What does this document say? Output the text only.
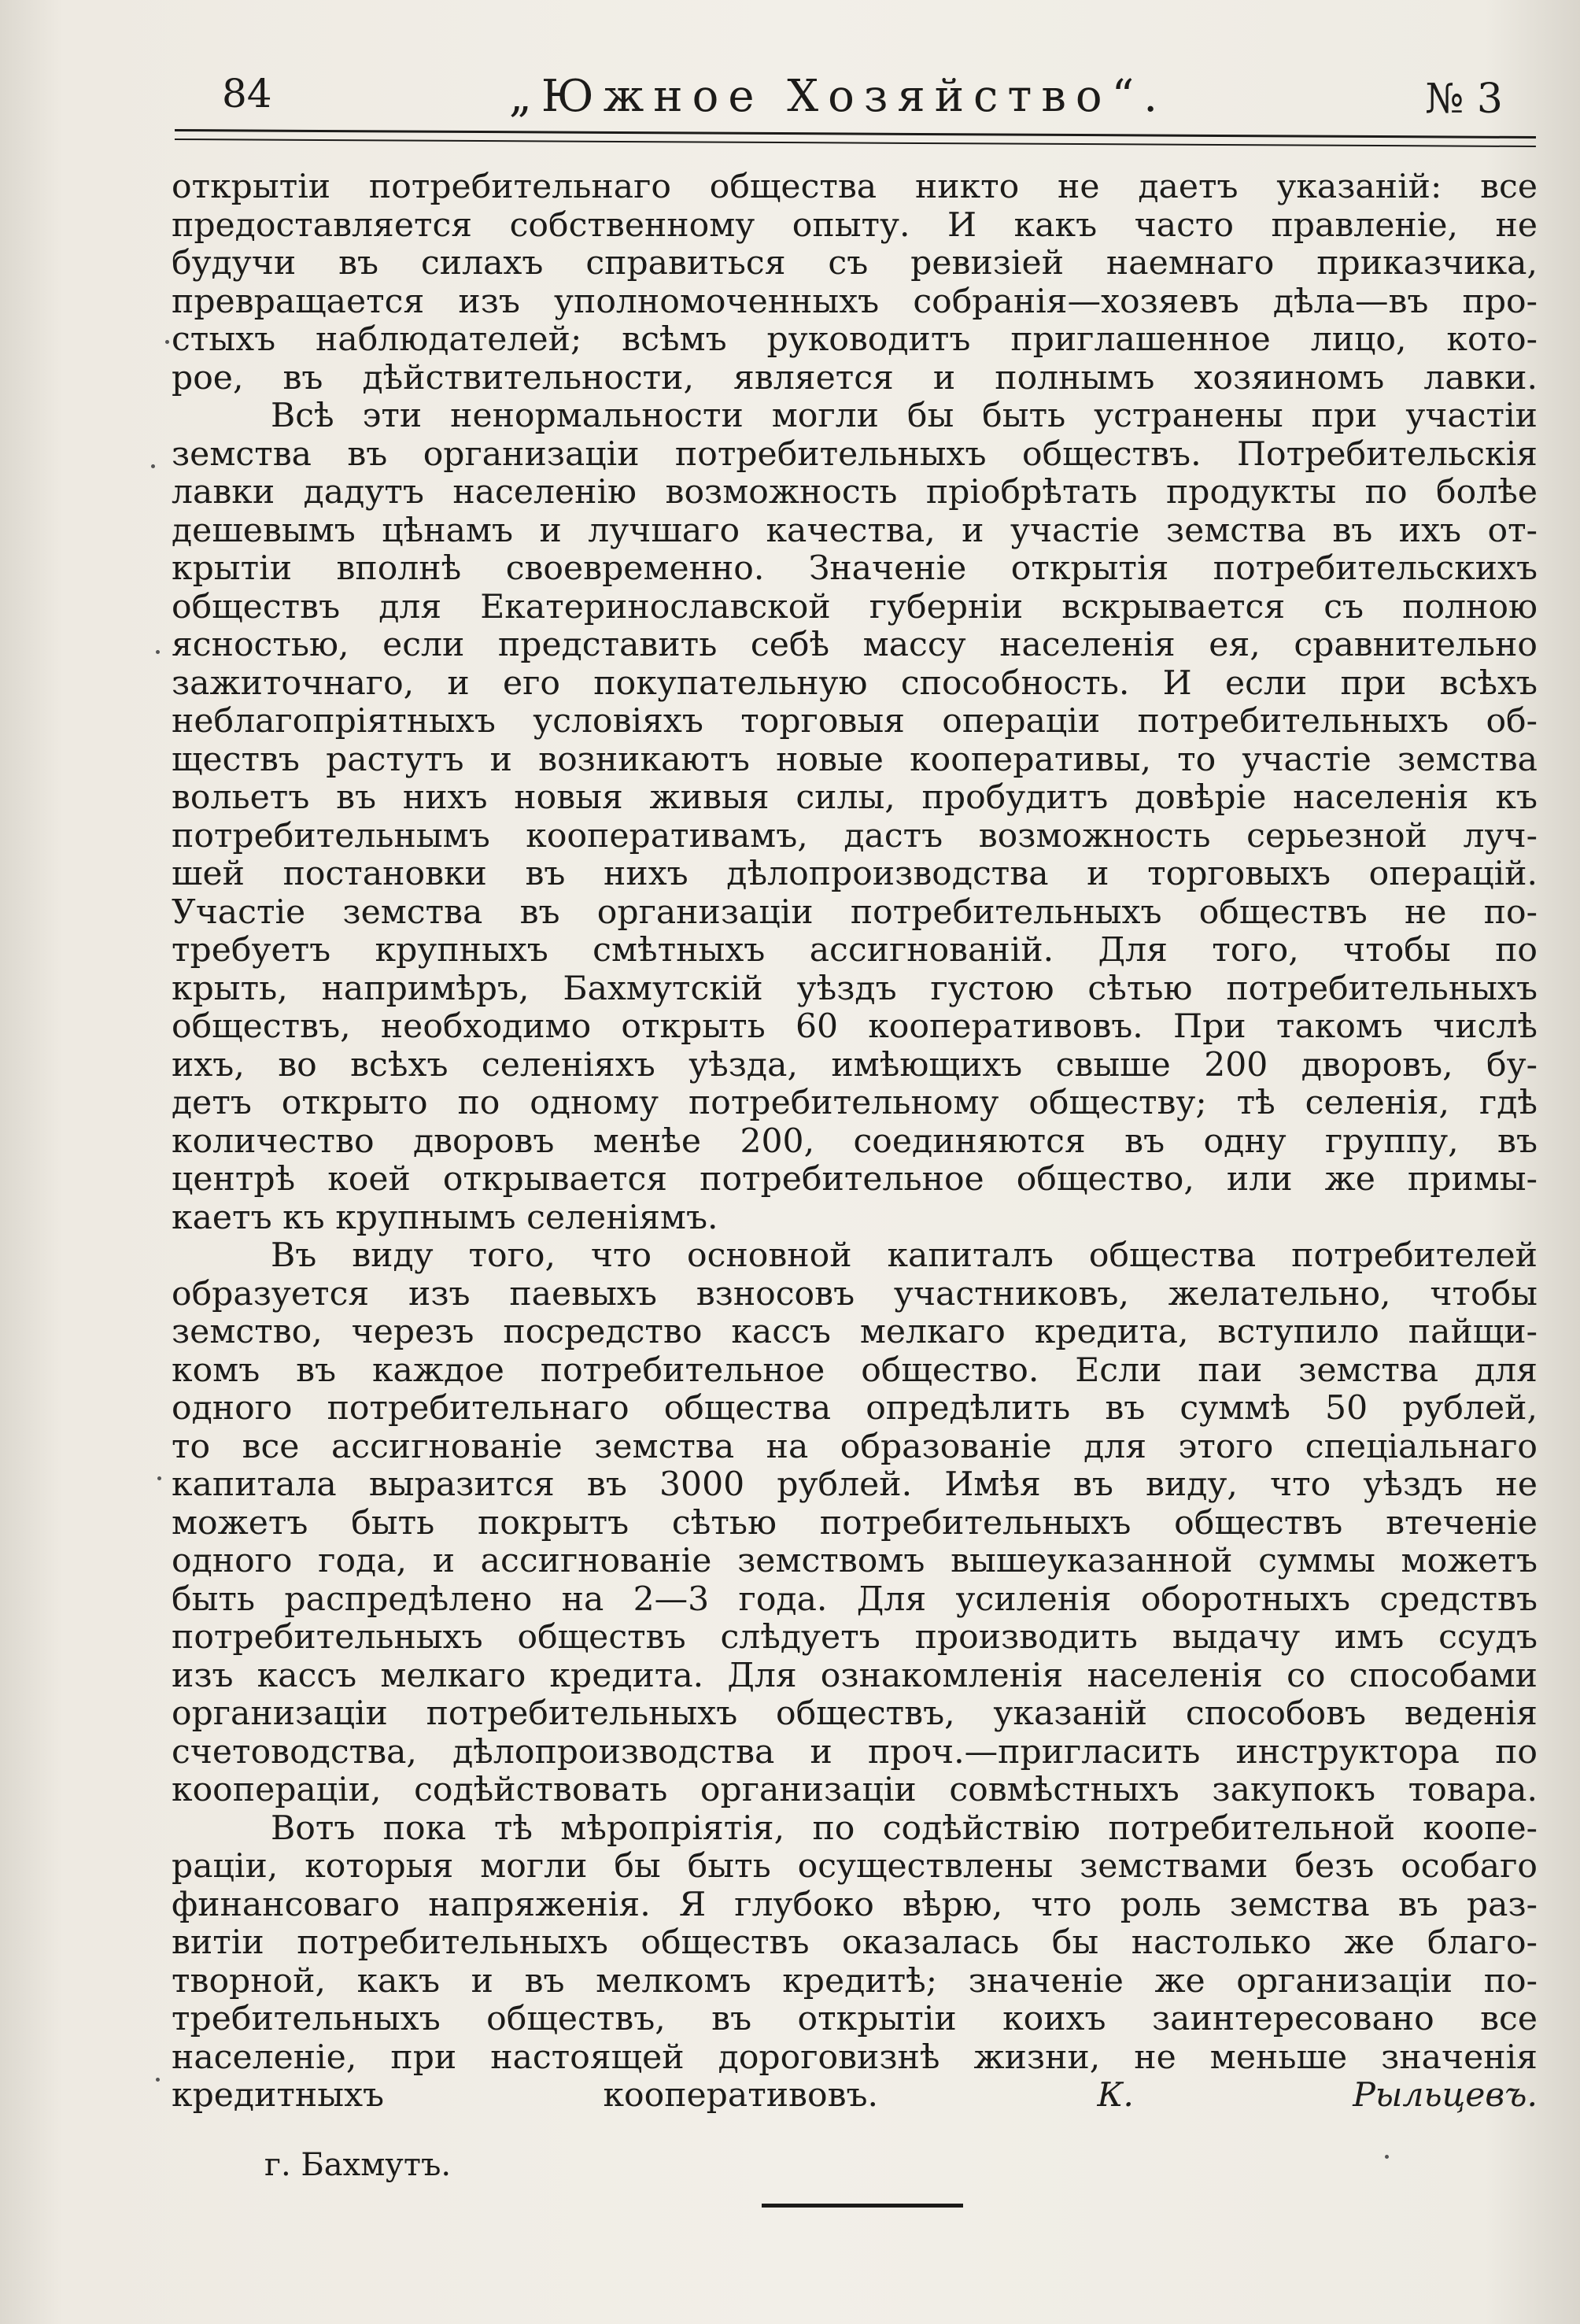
84	„Южное Хозяйство“.	№ 3
открытіи потребительнаго общества никто не даетъ указаній: все
предоставляется собственному опыту. И какъ часто правленіе, не
будучи въ силахъ справиться съ ревизіей наемнаго приказчика,
превращается изъ уполномоченныхъ собранія—хозяевъ дѣла—въ про-
стыхъ наблюдателей; всѣмъ руководитъ приглашенное лицо, кото-
рое, въ дѣйствительности, является и полнымъ хозяиномъ лавки.
Всѣ эти ненормальности могли бы быть устранены при участіи
земства въ организаціи потребительныхъ обществъ. Потребительскія
лавки дадутъ населенію возможность пріобрѣтать продукты по болѣе
дешевымъ цѣнамъ и лучшаго качества, и участіе земства въ ихъ от-
крытіи вполнѣ своевременно. Значеніе открытія потребительскихъ
обществъ для Екатеринославской губерніи вскрывается съ полною
ясностью, если представить себѣ массу населенія ея, сравнительно
зажиточнаго, и его покупательную способность. И если при всѣхъ
неблагопріятныхъ условіяхъ торговыя операціи потребительныхъ об-
ществъ растутъ и возникаютъ новые кооперативы, то участіе земства
вольетъ въ нихъ новыя живыя силы, пробудитъ довѣріе населенія къ
потребительнымъ кооперативамъ, дастъ возможность серьезной луч-
шей постановки въ нихъ дѣлопроизводства и торговыхъ операцій.
Участіе земства въ организаціи потребительныхъ обществъ не по-
требуетъ крупныхъ смѣтныхъ ассигнованій. Для того, чтобы по
крыть, напримѣръ, Бахмутскій уѣздъ густою сѣтью потребительныхъ
обществъ, необходимо открыть 60 кооперативовъ. При такомъ числѣ
ихъ, во всѣхъ селеніяхъ уѣзда, имѣющихъ свыше 200 дворовъ, бу-
детъ открыто по одному потребительному обществу; тѣ селенія, гдѣ
количество дворовъ менѣе 200, соединяются въ одну группу, въ
центрѣ коей открывается потребительное общество, или же примы-
каетъ къ крупнымъ селеніямъ.
Въ виду того, что основной капиталъ общества потребителей
образуется изъ паевыхъ взносовъ участниковъ, желательно, чтобы
земство, черезъ посредство кассъ мелкаго кредита, вступило пайщи-
комъ въ каждое потребительное общество. Если паи земства для
одного потребительнаго общества опредѣлить въ суммѣ 50 рублей,
то все ассигнованіе земства на образованіе для этого спеціальнаго
капитала выразится въ 3000 рублей. Имѣя въ виду, что уѣздъ не
можетъ быть покрытъ сѣтью потребительныхъ обществъ втеченіе
одного года, и ассигнованіе земствомъ вышеуказанной суммы можетъ
быть распредѣлено на 2—3 года. Для усиленія оборотныхъ средствъ
потребительныхъ обществъ слѣдуетъ производить выдачу имъ ссудъ
изъ кассъ мелкаго кредита. Для ознакомленія населенія со способами
организаціи потребительныхъ обществъ, указаній способовъ веденія
счетоводства, дѣлопроизводства и проч.—пригласить инструктора по
кооперацiи, содѣйствовать организаціи совмѣстныхъ закупокъ товара.
Вотъ пока тѣ мѣропріятія, по содѣйствію потребительной коопе-
раціи, которыя могли бы быть осуществлены земствами безъ особаго
финансоваго напряженія. Я глубоко вѣрю, что роль земства въ раз-
витіи потребительныхъ обществъ оказалась бы настолько же благо-
творной, какъ и въ мелкомъ кредитѣ; значеніе же организаціи по-
требительныхъ обществъ, въ открытіи коихъ заинтересовано все
населеніе, при настоящей дороговизнѣ жизни, не меньше значенія
кредитныхъ кооперативовъ.	К. Рыльцевъ.
г. Бахмутъ.
